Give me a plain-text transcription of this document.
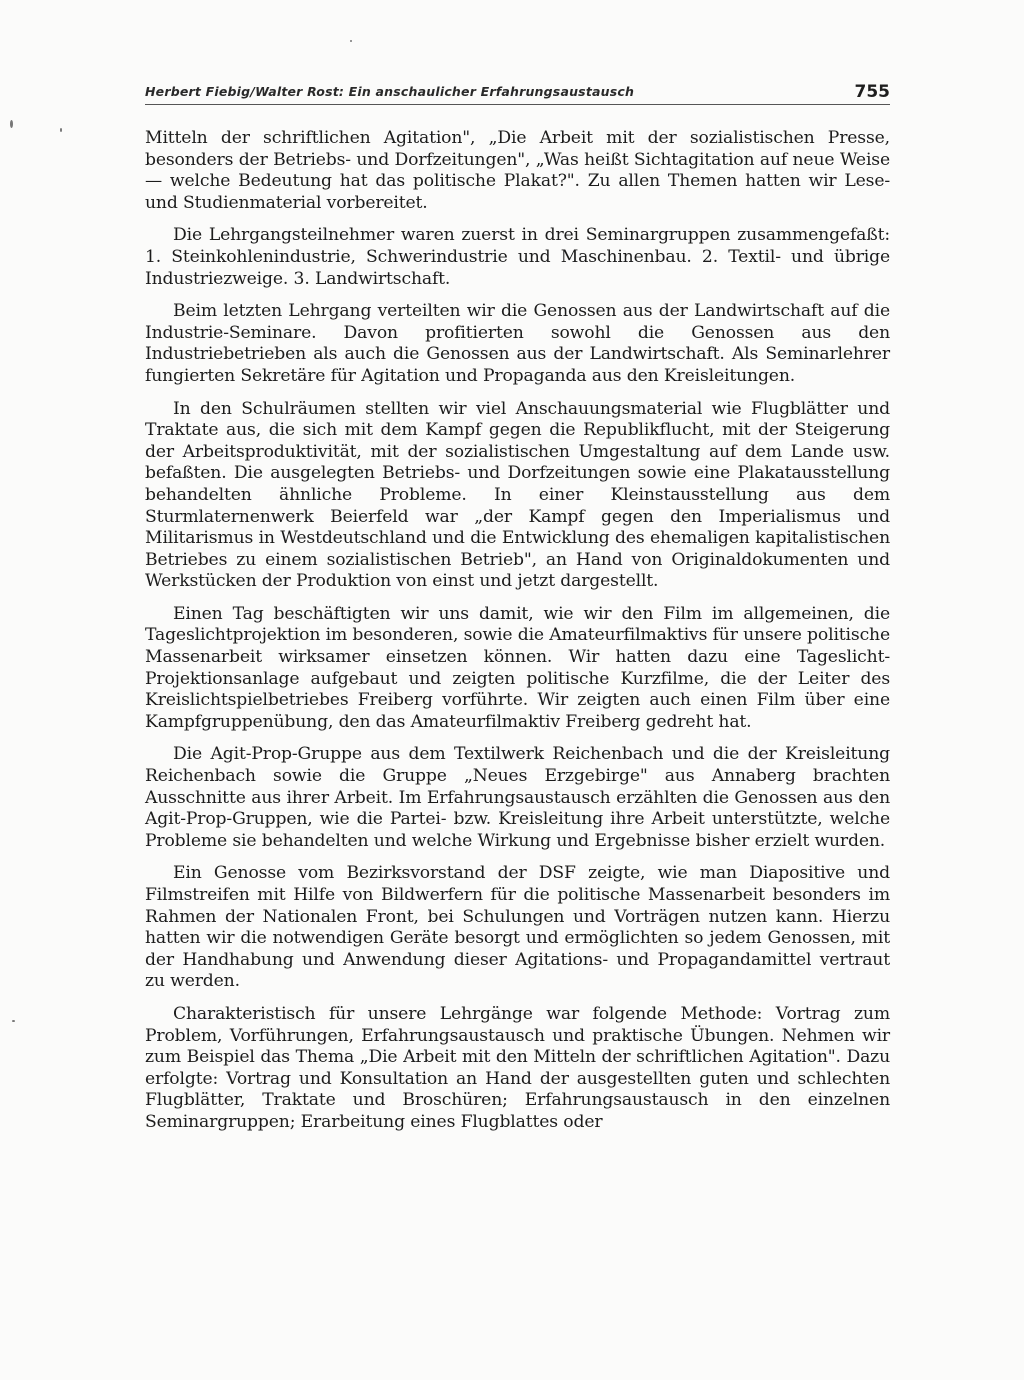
Herbert Fiebig/Walter Rost: Ein anschaulicher Erfahrungsaustausch	755

Mitteln der schriftlichen Agitation", „Die Arbeit mit der sozialistischen Presse, besonders der Betriebs- und Dorfzeitungen", „Was heißt Sichtagitation auf neue Weise — welche Bedeutung hat das politische Plakat?". Zu allen Themen hatten wir Lese- und Studienmaterial vorbereitet.

Die Lehrgangsteilnehmer waren zuerst in drei Seminargruppen zusammengefaßt: 1. Steinkohlenindustrie, Schwerindustrie und Maschinenbau. 2. Textil- und übrige Industriezweige. 3. Landwirtschaft.

Beim letzten Lehrgang verteilten wir die Genossen aus der Landwirtschaft auf die Industrie-Seminare. Davon profitierten sowohl die Genossen aus den Industriebetrieben als auch die Genossen aus der Landwirtschaft. Als Seminarlehrer fungierten Sekretäre für Agitation und Propaganda aus den Kreisleitungen.

In den Schulräumen stellten wir viel Anschauungsmaterial wie Flugblätter und Traktate aus, die sich mit dem Kampf gegen die Republikflucht, mit der Steigerung der Arbeitsproduktivität, mit der sozialistischen Umgestaltung auf dem Lande usw. befaßten. Die ausgelegten Betriebs- und Dorfzeitungen sowie eine Plakatausstellung behandelten ähnliche Probleme. In einer Kleinstausstellung aus dem Sturmlaternenwerk Beierfeld war „der Kampf gegen den Imperialismus und Militarismus in Westdeutschland und die Entwicklung des ehemaligen kapitalistischen Betriebes zu einem sozialistischen Betrieb", an Hand von Originaldokumenten und Werkstücken der Produktion von einst und jetzt dargestellt.

Einen Tag beschäftigten wir uns damit, wie wir den Film im allgemeinen, die Tageslichtprojektion im besonderen, sowie die Amateurfilmaktivs für unsere politische Massenarbeit wirksamer einsetzen können. Wir hatten dazu eine Tageslicht-Projektionsanlage aufgebaut und zeigten politische Kurzfilme, die der Leiter des Kreislichtspielbetriebes Freiberg vorführte. Wir zeigten auch einen Film über eine Kampfgruppenübung, den das Amateurfilmaktiv Freiberg gedreht hat.

Die Agit-Prop-Gruppe aus dem Textilwerk Reichenbach und die der Kreisleitung Reichenbach sowie die Gruppe „Neues Erzgebirge" aus Annaberg brachten Ausschnitte aus ihrer Arbeit. Im Erfahrungsaustausch erzählten die Genossen aus den Agit-Prop-Gruppen, wie die Partei- bzw. Kreisleitung ihre Arbeit unterstützte, welche Probleme sie behandelten und welche Wirkung und Ergebnisse bisher erzielt wurden.

Ein Genosse vom Bezirksvorstand der DSF zeigte, wie man Diapositive und Filmstreifen mit Hilfe von Bildwerfern für die politische Massenarbeit besonders im Rahmen der Nationalen Front, bei Schulungen und Vorträgen nutzen kann. Hierzu hatten wir die notwendigen Geräte besorgt und ermöglichten so jedem Genossen, mit der Handhabung und Anwendung dieser Agitations- und Propagandamittel vertraut zu werden.

Charakteristisch für unsere Lehrgänge war folgende Methode: Vortrag zum Problem, Vorführungen, Erfahrungsaustausch und praktische Übungen. Nehmen wir zum Beispiel das Thema „Die Arbeit mit den Mitteln der schriftlichen Agitation". Dazu erfolgte: Vortrag und Konsultation an Hand der ausgestellten guten und schlechten Flugblätter, Traktate und Broschüren; Erfahrungsaustausch in den einzelnen Seminargruppen; Erarbeitung eines Flugblattes oder
